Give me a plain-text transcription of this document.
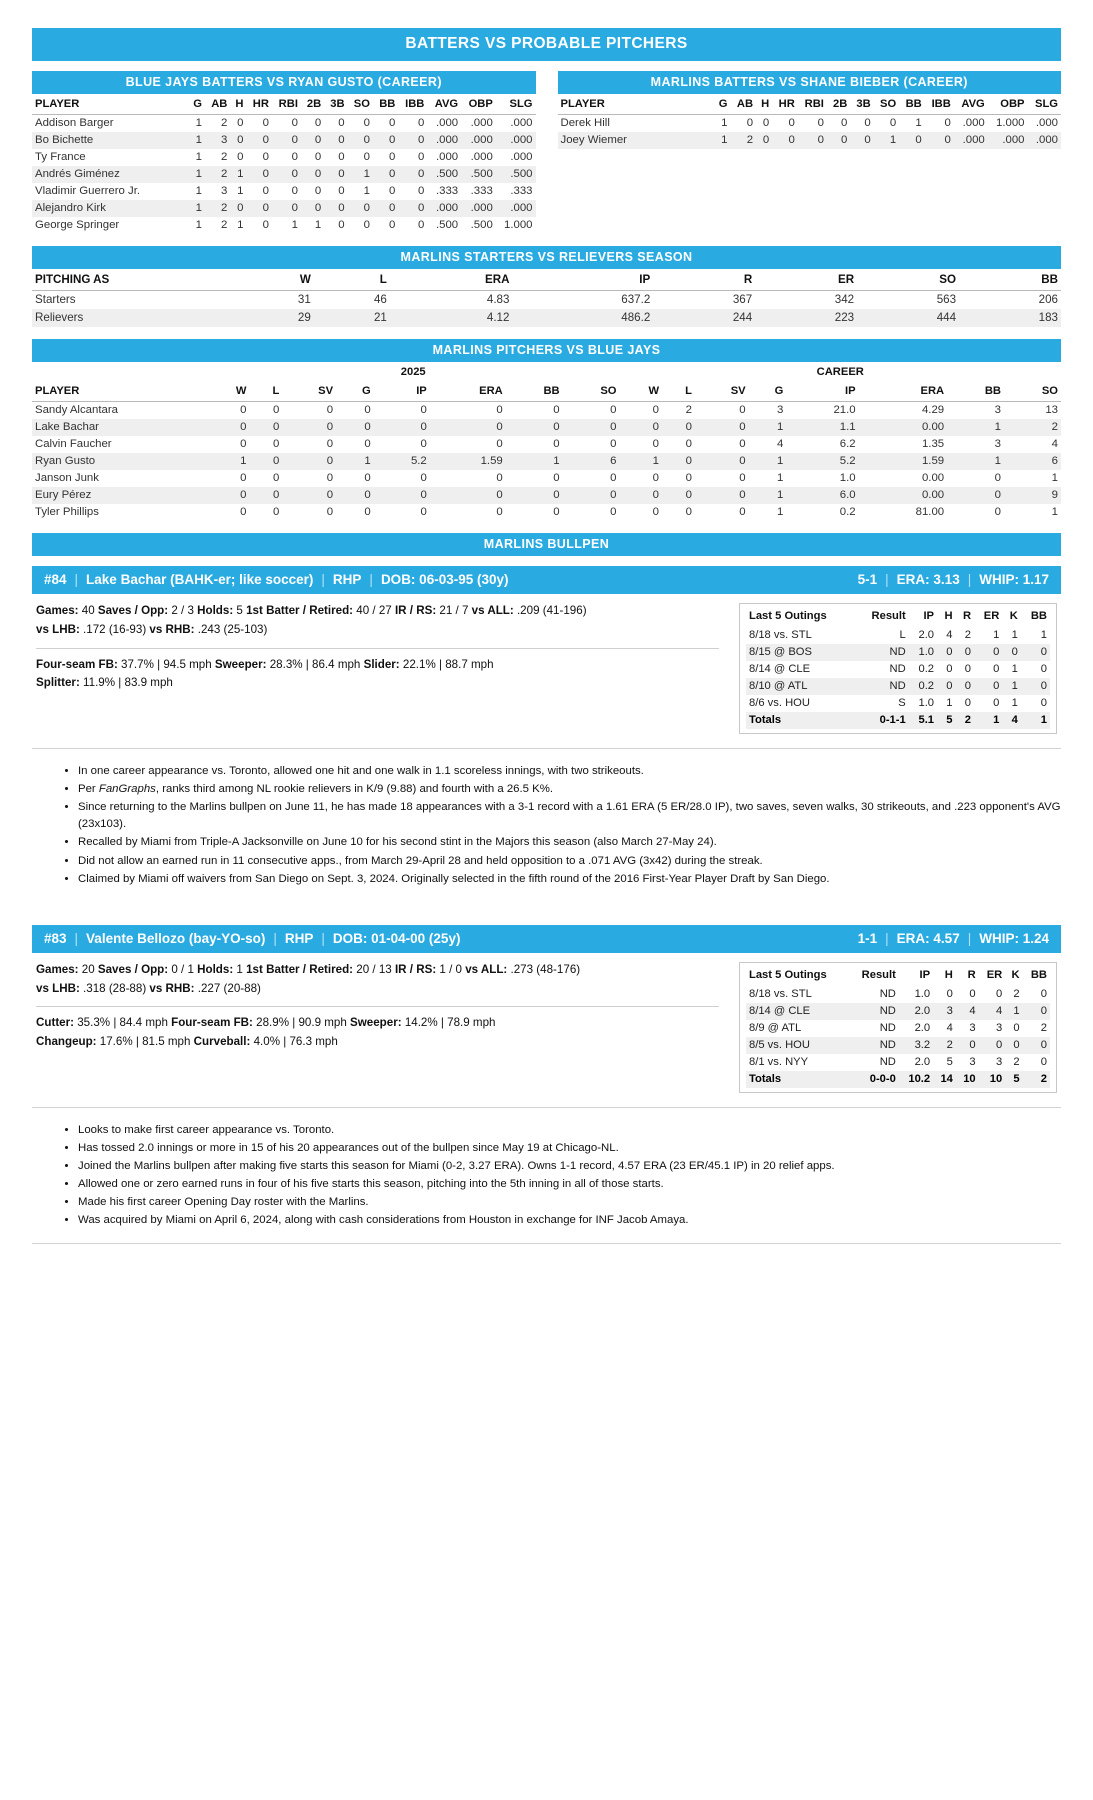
BATTERS VS PROBABLE PITCHERS
BLUE JAYS BATTERS VS RYAN GUSTO (CAREER)
PLAYER	G	AB	H	HR	RBI	2B	3B	SO	BB	IBB	AVG	OBP	SLG
Addison Barger	1	2	0	0	0	0	0	0	0	0	.000	.000	.000
Bo Bichette	1	3	0	0	0	0	0	0	0	0	.000	.000	.000
Ty France	1	2	0	0	0	0	0	0	0	0	.000	.000	.000
Andrés Giménez	1	2	1	0	0	0	0	1	0	0	.500	.500	.500
Vladimir Guerrero Jr.	1	3	1	0	0	0	0	1	0	0	.333	.333	.333
Alejandro Kirk	1	2	0	0	0	0	0	0	0	0	.000	.000	.000
George Springer	1	2	1	0	1	1	0	0	0	0	.500	.500	1.000
MARLINS BATTERS VS SHANE BIEBER (CAREER)
PLAYER	G	AB	H	HR	RBI	2B	3B	SO	BB	IBB	AVG	OBP	SLG
Derek Hill	1	0	0	0	0	0	0	0	1	0	.000	1.000	.000
Joey Wiemer	1	2	0	0	0	0	0	1	0	0	.000	.000	.000
MARLINS STARTERS VS RELIEVERS SEASON
PITCHING AS	W	L	ERA	IP	R	ER	SO	BB
Starters	31	46	4.83	637.2	367	342	563	206
Relievers	29	21	4.12	486.2	244	223	444	183
MARLINS PITCHERS VS BLUE JAYS
	2025								CAREER							
PLAYER	W	L	SV	G	IP	ERA	BB	SO	W	L	SV	G	IP	ERA	BB	SO
Sandy Alcantara	0	0	0	0	0	0	0	0	0	2	0	3	21.0	4.29	3	13
Lake Bachar	0	0	0	0	0	0	0	0	0	0	0	1	1.1	0.00	1	2
Calvin Faucher	0	0	0	0	0	0	0	0	0	0	0	4	6.2	1.35	3	4
Ryan Gusto	1	0	0	1	5.2	1.59	1	6	1	0	0	1	5.2	1.59	1	6
Janson Junk	0	0	0	0	0	0	0	0	0	0	0	1	1.0	0.00	0	1
Eury Pérez	0	0	0	0	0	0	0	0	0	0	0	1	6.0	0.00	0	9
Tyler Phillips	0	0	0	0	0	0	0	0	0	0	0	1	0.2	81.00	0	1
MARLINS BULLPEN
#84 | Lake Bachar (BAHK-er; like soccer) | RHP | DOB: 06-03-95 (30y)	5-1 | ERA: 3.13 | WHIP: 1.17
Games: 40 Saves / Opp: 2 / 3 Holds: 5 1st Batter / Retired: 40 / 27 IR / RS: 21 / 7 vs ALL: .209 (41-196)
vs LHB: .172 (16-93) vs RHB: .243 (25-103)
Four-seam FB: 37.7% | 94.5 mph Sweeper: 28.3% | 86.4 mph Slider: 22.1% | 88.7 mph
Splitter: 11.9% | 83.9 mph
Last 5 Outings	Result	IP	H	R	ER	K	BB
8/18 vs. STL	L	2.0	4	2	1	1	1
8/15 @ BOS	ND	1.0	0	0	0	0	0
8/14 @ CLE	ND	0.2	0	0	0	1	0
8/10 @ ATL	ND	0.2	0	0	0	1	0
8/6 vs. HOU	S	1.0	1	0	0	1	0
Totals	0-1-1	5.1	5	2	1	4	1
• In one career appearance vs. Toronto, allowed one hit and one walk in 1.1 scoreless innings, with two strikeouts.
• Per FanGraphs, ranks third among NL rookie relievers in K/9 (9.88) and fourth with a 26.5 K%.
• Since returning to the Marlins bullpen on June 11, he has made 18 appearances with a 3-1 record with a 1.61 ERA (5 ER/28.0 IP), two saves, seven walks, 30 strikeouts, and .223 opponent's AVG (23x103).
• Recalled by Miami from Triple-A Jacksonville on June 10 for his second stint in the Majors this season (also March 27-May 24).
• Did not allow an earned run in 11 consecutive apps., from March 29-April 28 and held opposition to a .071 AVG (3x42) during the streak.
• Claimed by Miami off waivers from San Diego on Sept. 3, 2024. Originally selected in the fifth round of the 2016 First-Year Player Draft by San Diego.
#83 | Valente Bellozo (bay-YO-so) | RHP | DOB: 01-04-00 (25y)	1-1 | ERA: 4.57 | WHIP: 1.24
Games: 20 Saves / Opp: 0 / 1 Holds: 1 1st Batter / Retired: 20 / 13 IR / RS: 1 / 0 vs ALL: .273 (48-176)
vs LHB: .318 (28-88) vs RHB: .227 (20-88)
Cutter: 35.3% | 84.4 mph Four-seam FB: 28.9% | 90.9 mph Sweeper: 14.2% | 78.9 mph
Changeup: 17.6% | 81.5 mph Curveball: 4.0% | 76.3 mph
Last 5 Outings	Result	IP	H	R	ER	K	BB
8/18 vs. STL	ND	1.0	0	0	0	2	0
8/14 @ CLE	ND	2.0	3	4	4	1	0
8/9 @ ATL	ND	2.0	4	3	3	0	2
8/5 vs. HOU	ND	3.2	2	0	0	0	0
8/1 vs. NYY	ND	2.0	5	3	3	2	0
Totals	0-0-0	10.2	14	10	10	5	2
• Looks to make first career appearance vs. Toronto.
• Has tossed 2.0 innings or more in 15 of his 20 appearances out of the bullpen since May 19 at Chicago-NL.
• Joined the Marlins bullpen after making five starts this season for Miami (0-2, 3.27 ERA). Owns 1-1 record, 4.57 ERA (23 ER/45.1 IP) in 20 relief apps.
• Allowed one or zero earned runs in four of his five starts this season, pitching into the 5th inning in all of those starts.
• Made his first career Opening Day roster with the Marlins.
• Was acquired by Miami on April 6, 2024, along with cash considerations from Houston in exchange for INF Jacob Amaya.
